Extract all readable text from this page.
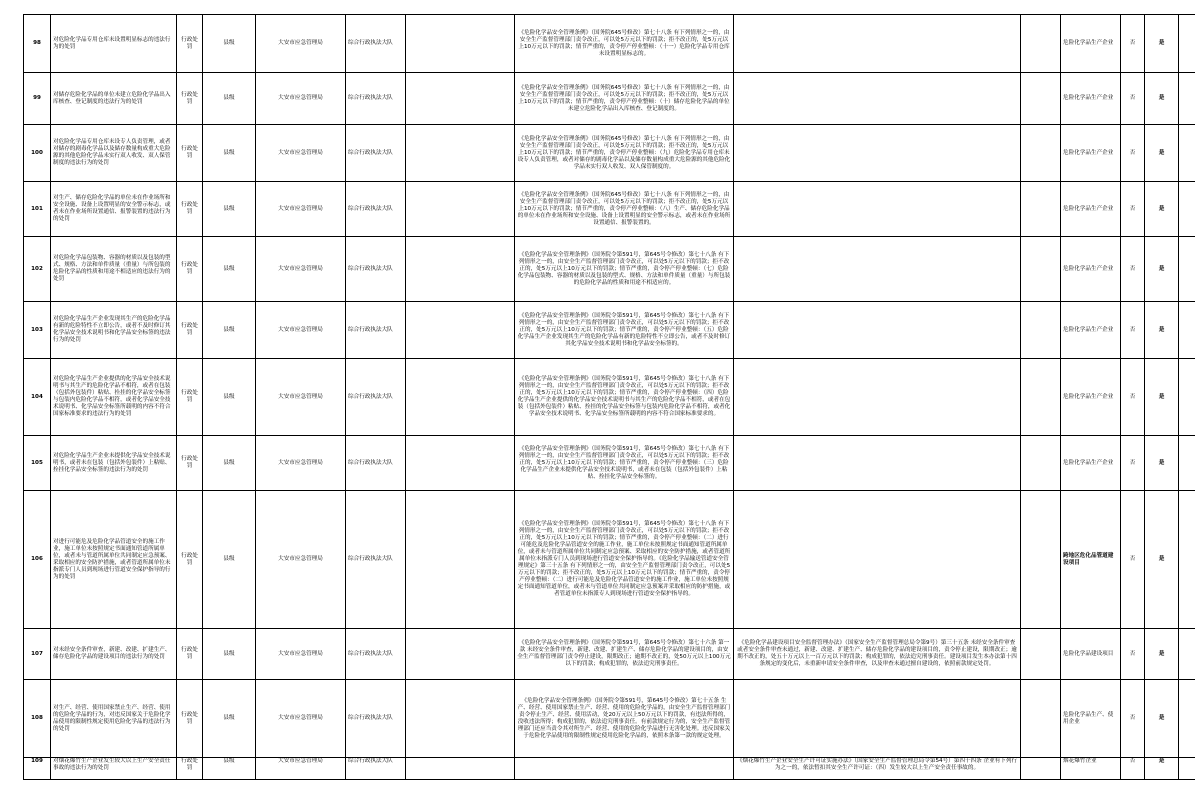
98	对危险化学品专用仓库未设置明显标志的违法行为的处罚	行政处罚	县级	大安市应急管理局	综合行政执法大队		《危险化学品安全管理条例》（国务院645号修改）第七十八条 有下列情形之一的，由安全生产监督管理部门责令改正，可以处5万元以下的罚款；拒不改正的，处5万元以上10万元以下的罚款；情节严重的，责令停产停业整顿：（十一）危险化学品专用仓库未设置明显标志的。			危险化学品生产企业	否	是	
99	对储存危险化学品的单位未建立危险化学品出入库核查、登记制度的违法行为的处罚	行政处罚	县级	大安市应急管理局	综合行政执法大队		《危险化学品安全管理条例》（国务院645号修改）第七十八条 有下列情形之一的，由安全生产监督管理部门责令改正，可以处5万元以下的罚款；拒不改正的，处5万元以上10万元以下的罚款；情节严重的，责令停产停业整顿：（十）储存危险化学品的单位未建立危险化学品出入库核查、登记制度的。			危险化学品生产企业	否	是	
100	对危险化学品专用仓库未设专人负责管理，或者对储存的剧毒化学品以及储存数量构成重大危险源的其他危险化学品未实行双人收发、双人保管制度的违法行为的处罚	行政处罚	县级	大安市应急管理局	综合行政执法大队		《危险化学品安全管理条例》（国务院645号修改）第七十八条 有下列情形之一的，由安全生产监督管理部门责令改正，可以处5万元以下的罚款；拒不改正的，处5万元以上10万元以下的罚款；情节严重的，责令停产停业整顿：（九）危险化学品专用仓库未设专人负责管理，或者对储存的剧毒化学品以及储存数量构成重大危险源的其他危险化学品未实行双人收发、双人保管制度的。			危险化学品生产企业	否	是	
101	对生产、储存危险化学品的单位未在作业场所和安全设施、设备上设置明显的安全警示标志，或者未在作业场所设置通信、报警装置的违法行为的处罚	行政处罚	县级	大安市应急管理局	综合行政执法大队		《危险化学品安全管理条例》（国务院645号修改）第七十八条 有下列情形之一的，由安全生产监督管理部门责令改正，可以处5万元以下的罚款；拒不改正的，处5万元以上10万元以下的罚款；情节严重的，责令停产停业整顿：（八）生产、储存危险化学品的单位未在作业场所和安全设施、设备上设置明显的安全警示标志，或者未在作业场所设置通信、报警装置的。			危险化学品生产企业	否	是	
102	对危险化学品包装物、容器的材质以及包装的型式、规格、方法和单件质量（重量）与所包装的危险化学品的性质和用途不相适应的违法行为的处罚	行政处罚	县级	大安市应急管理局	综合行政执法大队		《危险化学品安全管理条例》（国务院令第591号，第645号令修改）第七十八条 有下列情形之一的，由安全生产监督管理部门责令改正，可以处5万元以下的罚款；拒不改正的，处5万元以上10万元以下的罚款；情节严重的，责令停产停业整顿：（七）危险化学品包装物、容器的材质以及包装的型式、规格、方法和单件质量（重量）与所包装的危险化学品的性质和用途不相适应的。			危险化学品生产企业	否	是	
103	对危险化学品生产企业发现其生产的危险化学品有新的危险特性不立即公告，或者不及时修订其化学品安全技术说明书和化学品安全标签的违法行为的处罚	行政处罚	县级	大安市应急管理局	综合行政执法大队		《危险化学品安全管理条例》（国务院令第591号，第645号令修改）第七十八条 有下列情形之一的，由安全生产监督管理部门责令改正，可以处5万元以下的罚款；拒不改正的，处5万元以上10万元以下的罚款；情节严重的，责令停产停业整顿：（五）危险化学品生产企业发现其生产的危险化学品有新的危险特性不立即公告，或者不及时修订其化学品安全技术说明书和化学品安全标签的。			危险化学品生产企业	否	是	
104	对危险化学品生产企业提供的化学品安全技术说明书与其生产的危险化学品不相符，或者在包装（包括外包装件）粘贴、拴挂的化学品安全标签与包装内危险化学品不相符，或者化学品安全技术说明书、化学品安全标签所载明的内容不符合国家标准要求的违法行为的处罚	行政处罚	县级	大安市应急管理局	综合行政执法大队		《危险化学品安全管理条例》（国务院令第591号，第645号令修改）第七十八条 有下列情形之一的，由安全生产监督管理部门责令改正，可以处5万元以下的罚款；拒不改正的，处5万元以上10万元以下的罚款；情节严重的，责令停产停业整顿：（四）危险化学品生产企业提供的化学品安全技术说明书与其生产的危险化学品不相符，或者在包装（包括外包装件）粘贴、拴挂的化学品安全标签与包装内危险化学品不相符，或者化学品安全技术说明书、化学品安全标签所载明的内容不符合国家标准要求的。			危险化学品生产企业	否	是	
105	对危险化学品生产企业未提供化学品安全技术说明书，或者未在包装（包括外包装件）上粘贴、拴挂化学品安全标签的违法行为的处罚	行政处罚	县级	大安市应急管理局	综合行政执法大队		《危险化学品安全管理条例》（国务院令第591号，第645号令修改）第七十八条 有下列情形之一的，由安全生产监督管理部门责令改正，可以处5万元以下的罚款；拒不改正的，处5万元以上10万元以下的罚款；情节严重的，责令停产停业整顿：（三）危险化学品生产企业未提供化学品安全技术说明书，或者未在包装（包括外包装件）上粘贴、拴挂化学品安全标签的。			危险化学品生产企业	否	是	
106	对进行可能危及危险化学品管道安全的施工作业，施工单位未按照规定书面通知管道所属单位，或者未与管道所属单位共同制定应急预案、采取相应的安全防护措施，或者管道所属单位未指派专门人员到现场进行管道安全保护指导的行为的处罚	行政处罚	县级	大安市应急管理局	综合行政执法大队		《危险化学品安全管理条例》（国务院令第591号，第645号令修改）第七十八条 有下列情形之一的，由安全生产监督管理部门责令改正，可以处5万元以下的罚款；拒不改正的，处5万元以上10万元以下的罚款；情节严重的，责令停产停业整顿：（二）进行可能危及危险化学品管道安全的施工作业，施工单位未按照规定书面通知管道所属单位，或者未与管道所属单位共同制定应急预案、采取相应的安全防护措施，或者管道所属单位未指派专门人员到现场进行管道安全保护指导的。《危险化学品输送管道安全管理规定》第三十五条 有下列情形之一的，由安全生产监督管理部门责令改正，可以处5万元以下的罚款；拒不改正的，处5万元以上10万元以下的罚款；情节严重的，责令停产停业整顿：（二）进行可能危及危险化学品管道安全的施工作业，施工单位未按照规定书面通知管道单位，或者未与管道单位共同制定应急预案并采取相应的防护措施，或者管道单位未指派专人到现场进行管道安全保护指导的。			跨地区危化品管道建设项目	否	是	
107	对未经安全条件审查，新建、改建、扩建生产、储存危险化学品的建设项目的违法行为的处罚	行政处罚	县级	大安市应急管理局	综合行政执法大队		《危险化学品安全管理条例》（国务院令第591号，第645号令修改）第七十六条 第一款 未经安全条件审查，新建、改建、扩建生产、储存危险化学品的建设项目的，由安全生产监督管理部门责令停止建设，限期改正；逾期不改正的，处50万元以上100万元以下的罚款；构成犯罪的，依法追究刑事责任。	《危险化学品建设项目安全监督管理办法》（国家安全生产监督管理总局令第9号）第三十五条 未经安全条件审查或者安全条件审查未通过，新建、改建、扩建生产、储存危险化学品的建设项目的，责令停止建设，限期改正；逾期不改正的，处五十万元以上一百万元以下的罚款；构成犯罪的，依法追究刑事责任。建设项目发生本办法第十四条规定的变化后，未重新申请安全条件审查，以及审查未通过擅自建设的，依照前款规定处罚。		危险化学品建设项目	否	是	
108	对生产、经营、使用国家禁止生产、经营、使用的危险化学品的行为，对违反国家关于危险化学品使用的限制性规定使用危险化学品的违法行为的处罚	行政处罚	县级	大安市应急管理局	综合行政执法大队		《危险化学品安全管理条例》（国务院令第591号，第645号令修改）第七十五条 生产、经营、使用国家禁止生产、经营、使用的危险化学品的，由安全生产监督管理部门责令停止生产、经营、使用活动，处20万元以上50万元以下的罚款，有违法所得的，没收违法所得；构成犯罪的，依法追究刑事责任。有前款规定行为的，安全生产监督管理部门还应当责令其对所生产、经营、使用的危险化学品进行无害化处理。违反国家关于危险化学品使用的限制性规定使用危险化学品的，依照本条第一款的规定处理。			危险化学品生产、使用企业	否	是	
109	对烟花爆竹生产企业发生较大以上生产安全责任事故的违法行为的处罚	行政处罚	县级	大安市应急管理局	综合行政执法大队			《烟花爆竹生产企业安全生产许可证实施办法》（国家安全生产监督管理总局令第54号）第四十四条 企业有下列行为之一的，依法暂扣其安全生产许可证：（四）发生较大以上生产安全责任事故的。		烟花爆竹企业	否	是	
